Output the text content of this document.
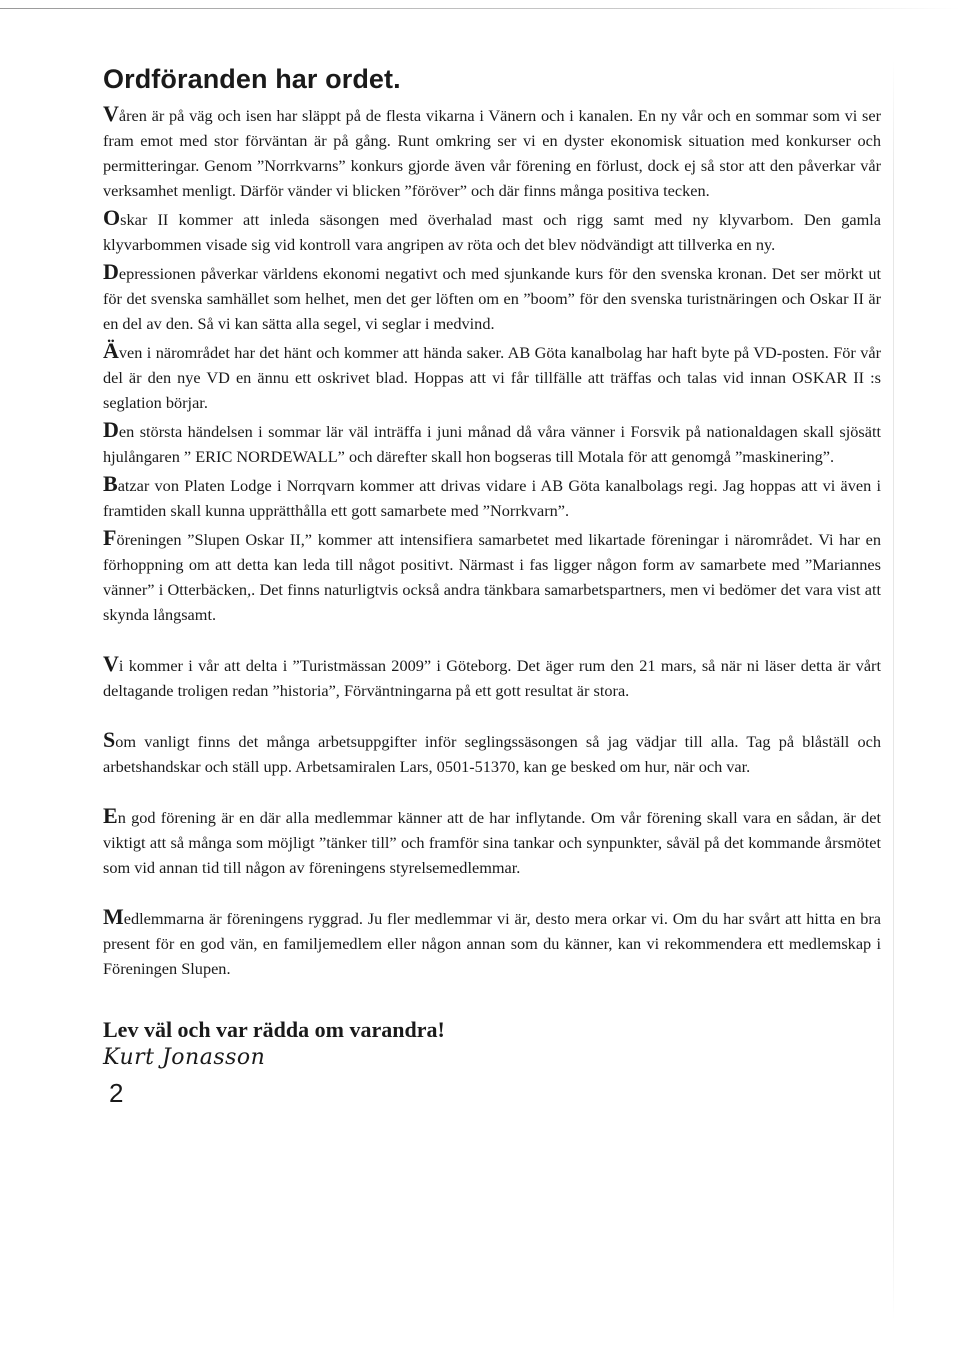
Ordföranden har ordet.

Våren är på väg och isen har släppt på de flesta vikarna i Vänern och i kanalen. En ny vår och en sommar som vi ser fram emot med stor förväntan är på gång. Runt omkring ser vi en dyster ekonomisk situation med konkurser och permitteringar. Genom ”Norrkvarns” konkurs gjorde även vår förening en förlust, dock ej så stor att den påverkar vår verksamhet menligt. Därför vänder vi blicken ”föröver” och där finns många positiva tecken.

Oskar II kommer att inleda säsongen med överhalad mast och rigg samt med ny klyvarbom. Den gamla klyvarbommen visade sig vid kontroll vara angripen av röta och det blev nödvändigt att tillverka en ny.

Depressionen påverkar världens ekonomi negativt och med sjunkande kurs för den svenska kronan. Det ser mörkt ut för det svenska samhället som helhet, men det ger löften om en ”boom” för den svenska turistnäringen och Oskar II är en del av den. Så vi kan sätta alla segel, vi seglar i medvind.

Även i närområdet har det hänt och kommer att hända saker. AB Göta kanalbolag har haft byte på VD-posten. För vår del är den nye VD en ännu ett oskrivet blad. Hoppas att vi får tillfälle att träffas och talas vid innan OSKAR II :s seglation börjar.

Den största händelsen i sommar lär väl inträffa i juni månad då våra vänner i Forsvik på nationaldagen skall sjösätt hjulångaren ” ERIC NORDEWALL” och därefter skall hon bogseras till Motala för att genomgå ”maskinering”.

Batzar von Platen Lodge i Norrqvarn kommer att drivas vidare i AB Göta kanalbolags regi. Jag hoppas att vi även i framtiden skall kunna upprätthålla ett gott samarbete med ”Norrkvarn”.

Föreningen ”Slupen Oskar II,” kommer att intensifiera samarbetet med likartade föreningar i närområdet. Vi har en förhoppning om att detta kan leda till något positivt. Närmast i fas ligger någon form av samarbete med ”Mariannes vänner” i Otterbäcken,. Det finns naturligtvis också andra tänkbara samarbetspartners, men vi bedömer det vara vist att skynda långsamt.

Vi kommer i vår att delta i ”Turistmässan 2009” i Göteborg. Det äger rum den 21 mars, så när ni läser detta är vårt deltagande troligen redan ”historia”, Förväntningarna på ett gott resultat är stora.

Som vanligt finns det många arbetsuppgifter inför seglingssäsongen så jag vädjar till alla. Tag på blåställ och arbetshandskar och ställ upp. Arbetsamiralen Lars, 0501-51370, kan ge besked om hur, när och var.

En god förening är en där alla medlemmar känner att de har inflytande. Om vår förening skall vara en sådan, är det viktigt att så många som möjligt ”tänker till” och framför sina tankar och synpunkter, såväl på det kommande årsmötet som vid annan tid till någon av föreningens styrelsemedlemmar.

Medlemmarna är föreningens ryggrad. Ju fler medlemmar vi är, desto mera orkar vi. Om du har svårt att hitta en bra present för en god vän, en familjemedlem eller någon annan som du känner, kan vi rekommendera ett medlemskap i Föreningen Slupen.

Lev väl och var rädda om varandra!

Kurt Jonasson

2
